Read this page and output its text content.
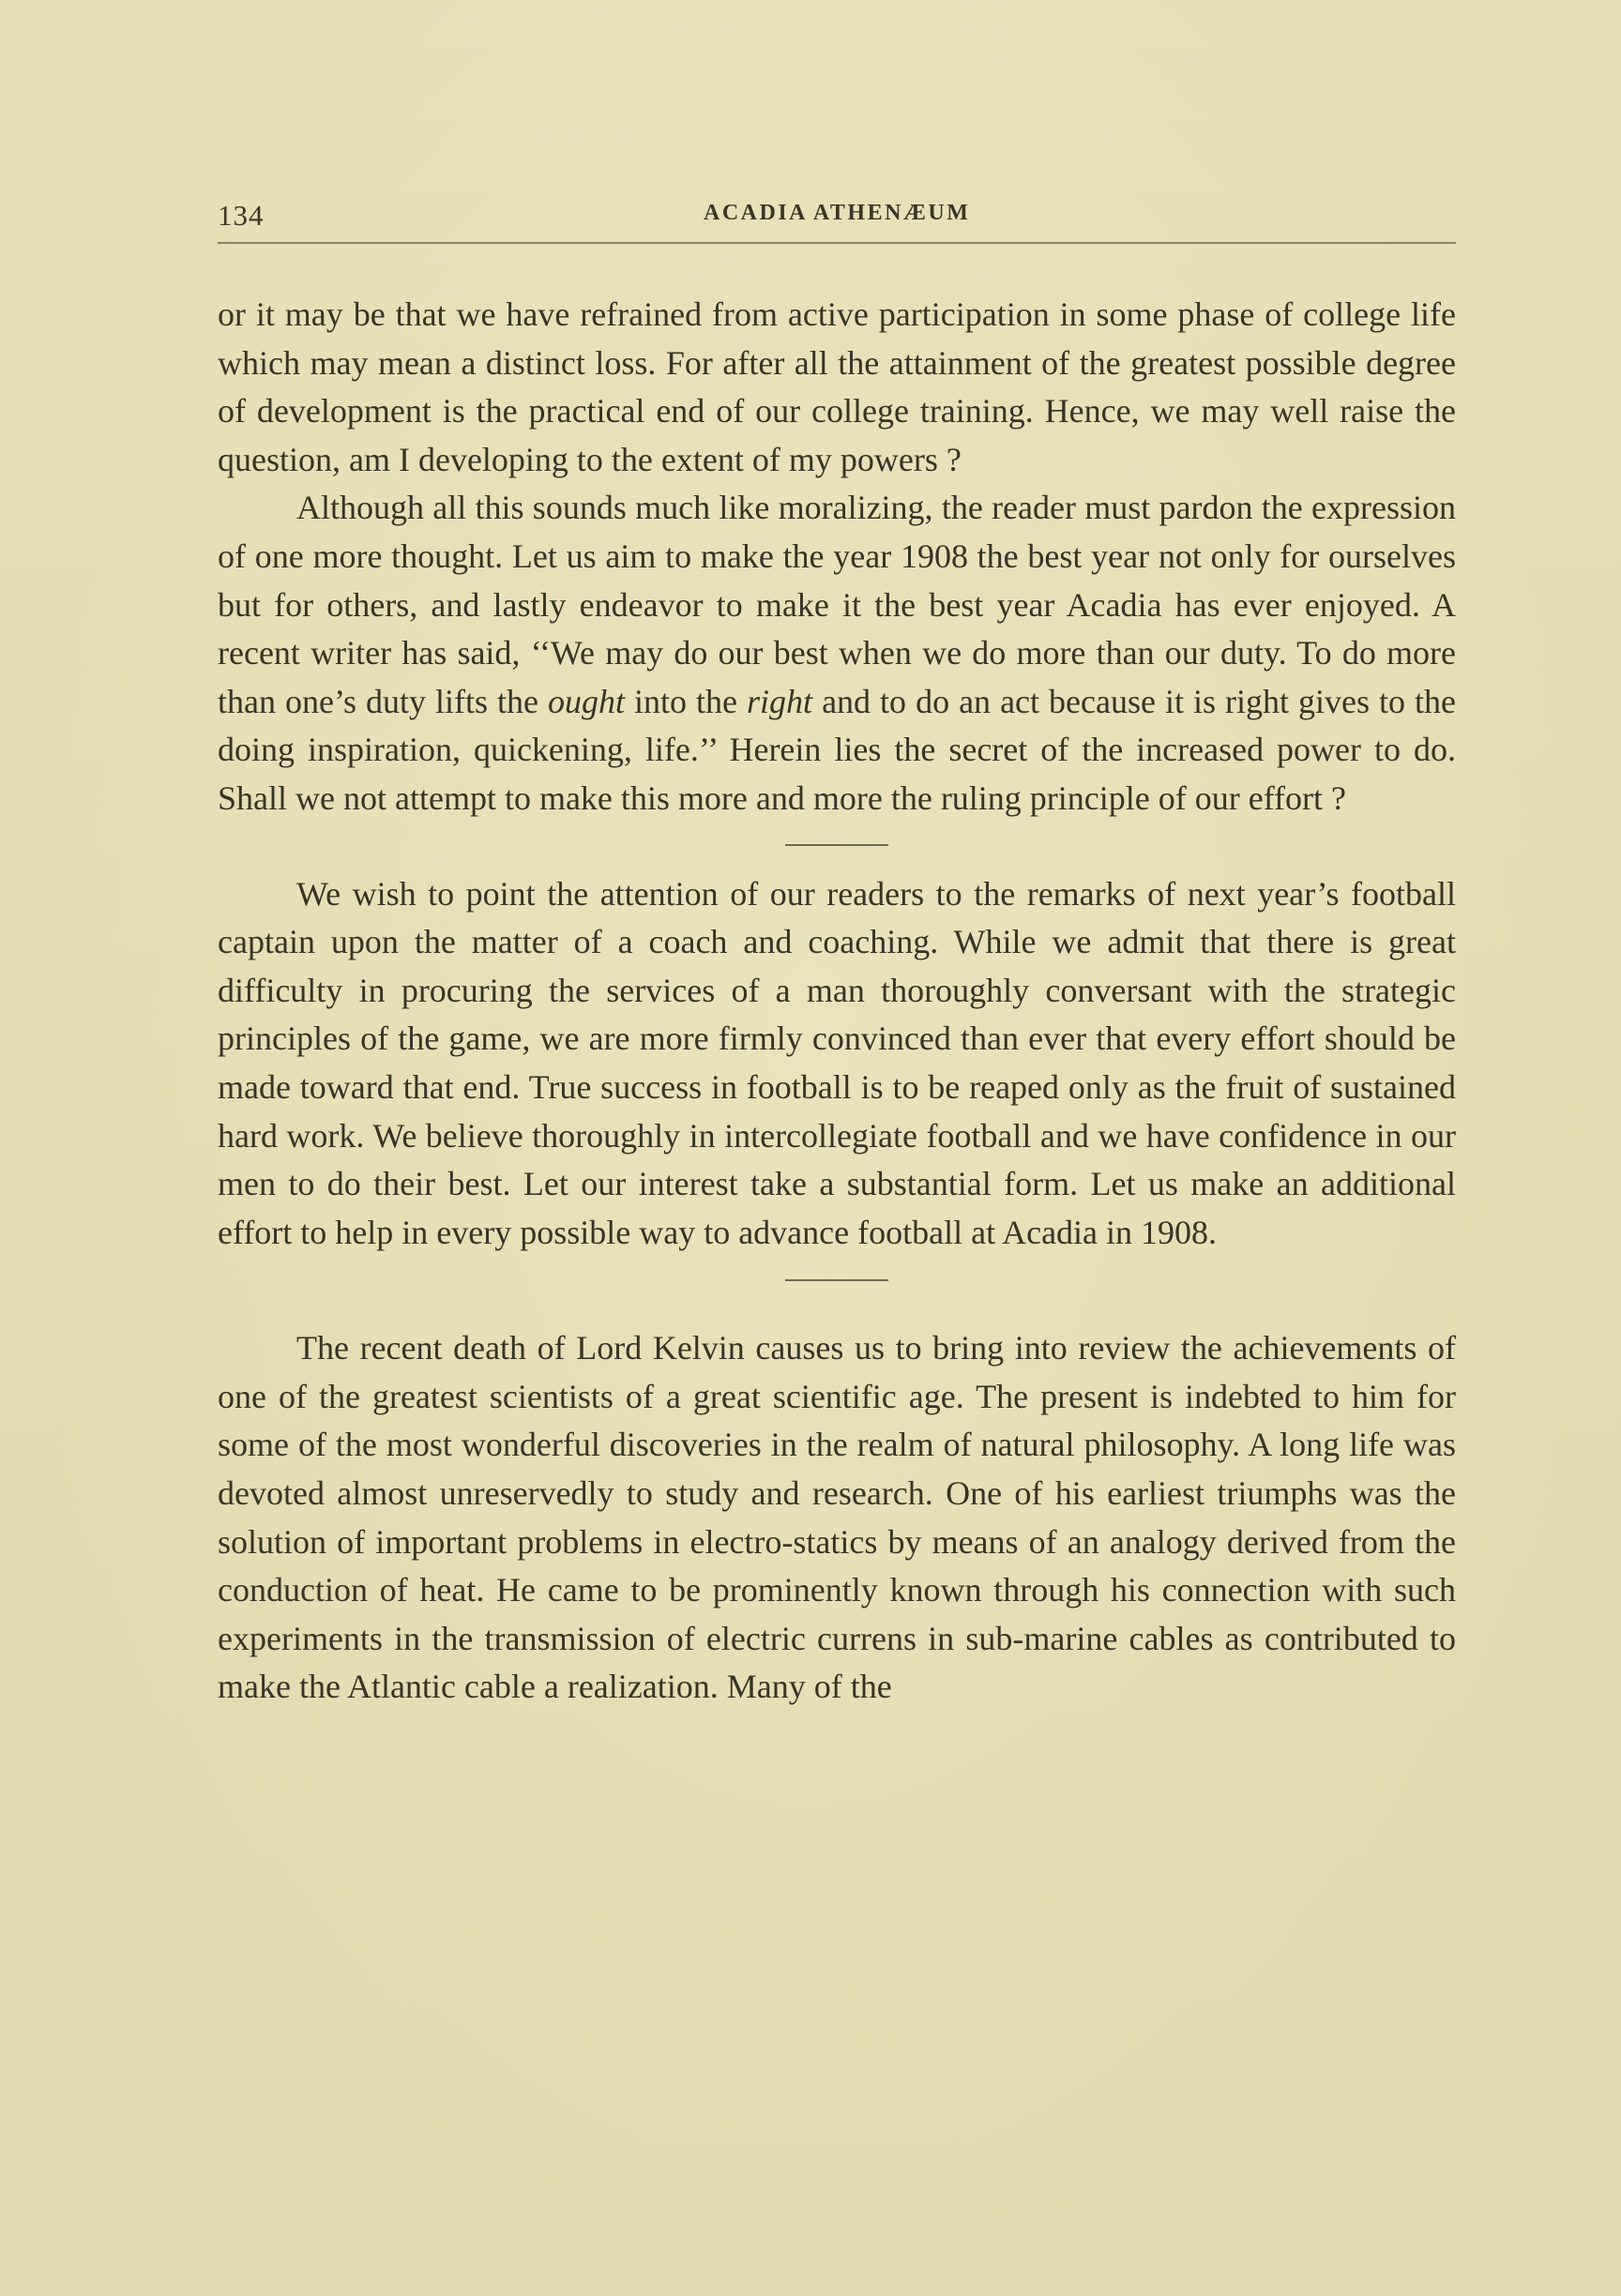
134	ACADIA ATHENÆUM

or it may be that we have refrained from active participation in some phase of college life which may mean a distinct loss. For after all the attainment of the greatest possible degree of development is the practical end of our college training. Hence, we may well raise the question, am I developing to the extent of my powers ?

Although all this sounds much like moralizing, the reader must pardon the expression of one more thought. Let us aim to make the year 1908 the best year not only for ourselves but for others, and lastly endeavor to make it the best year Acadia has ever enjoyed. A recent writer has said, ‘‘We may do our best when we do more than our duty. To do more than one’s duty lifts the ought into the right and to do an act because it is right gives to the doing inspiration, quickening, life.’’ Herein lies the secret of the increased power to do. Shall we not attempt to make this more and more the ruling principle of our effort ?

We wish to point the attention of our readers to the remarks of next year’s football captain upon the matter of a coach and coaching. While we admit that there is great difficulty in procuring the services of a man thoroughly conversant with the strategic principles of the game, we are more firmly convinced than ever that every effort should be made toward that end. True success in football is to be reaped only as the fruit of sustained hard work. We believe thoroughly in intercollegiate football and we have confidence in our men to do their best. Let our interest take a substantial form. Let us make an additional effort to help in every possible way to advance football at Acadia in 1908.

The recent death of Lord Kelvin causes us to bring into review the achievements of one of the greatest scientists of a great scientific age. The present is indebted to him for some of the most wonderful discoveries in the realm of natural philosophy. A long life was devoted almost unreservedly to study and research. One of his earliest triumphs was the solution of important problems in electro-statics by means of an analogy derived from the conduction of heat. He came to be prominently known through his connection with such experiments in the transmission of electric currens in sub-marine cables as contributed to make the Atlantic cable a realization. Many of the
